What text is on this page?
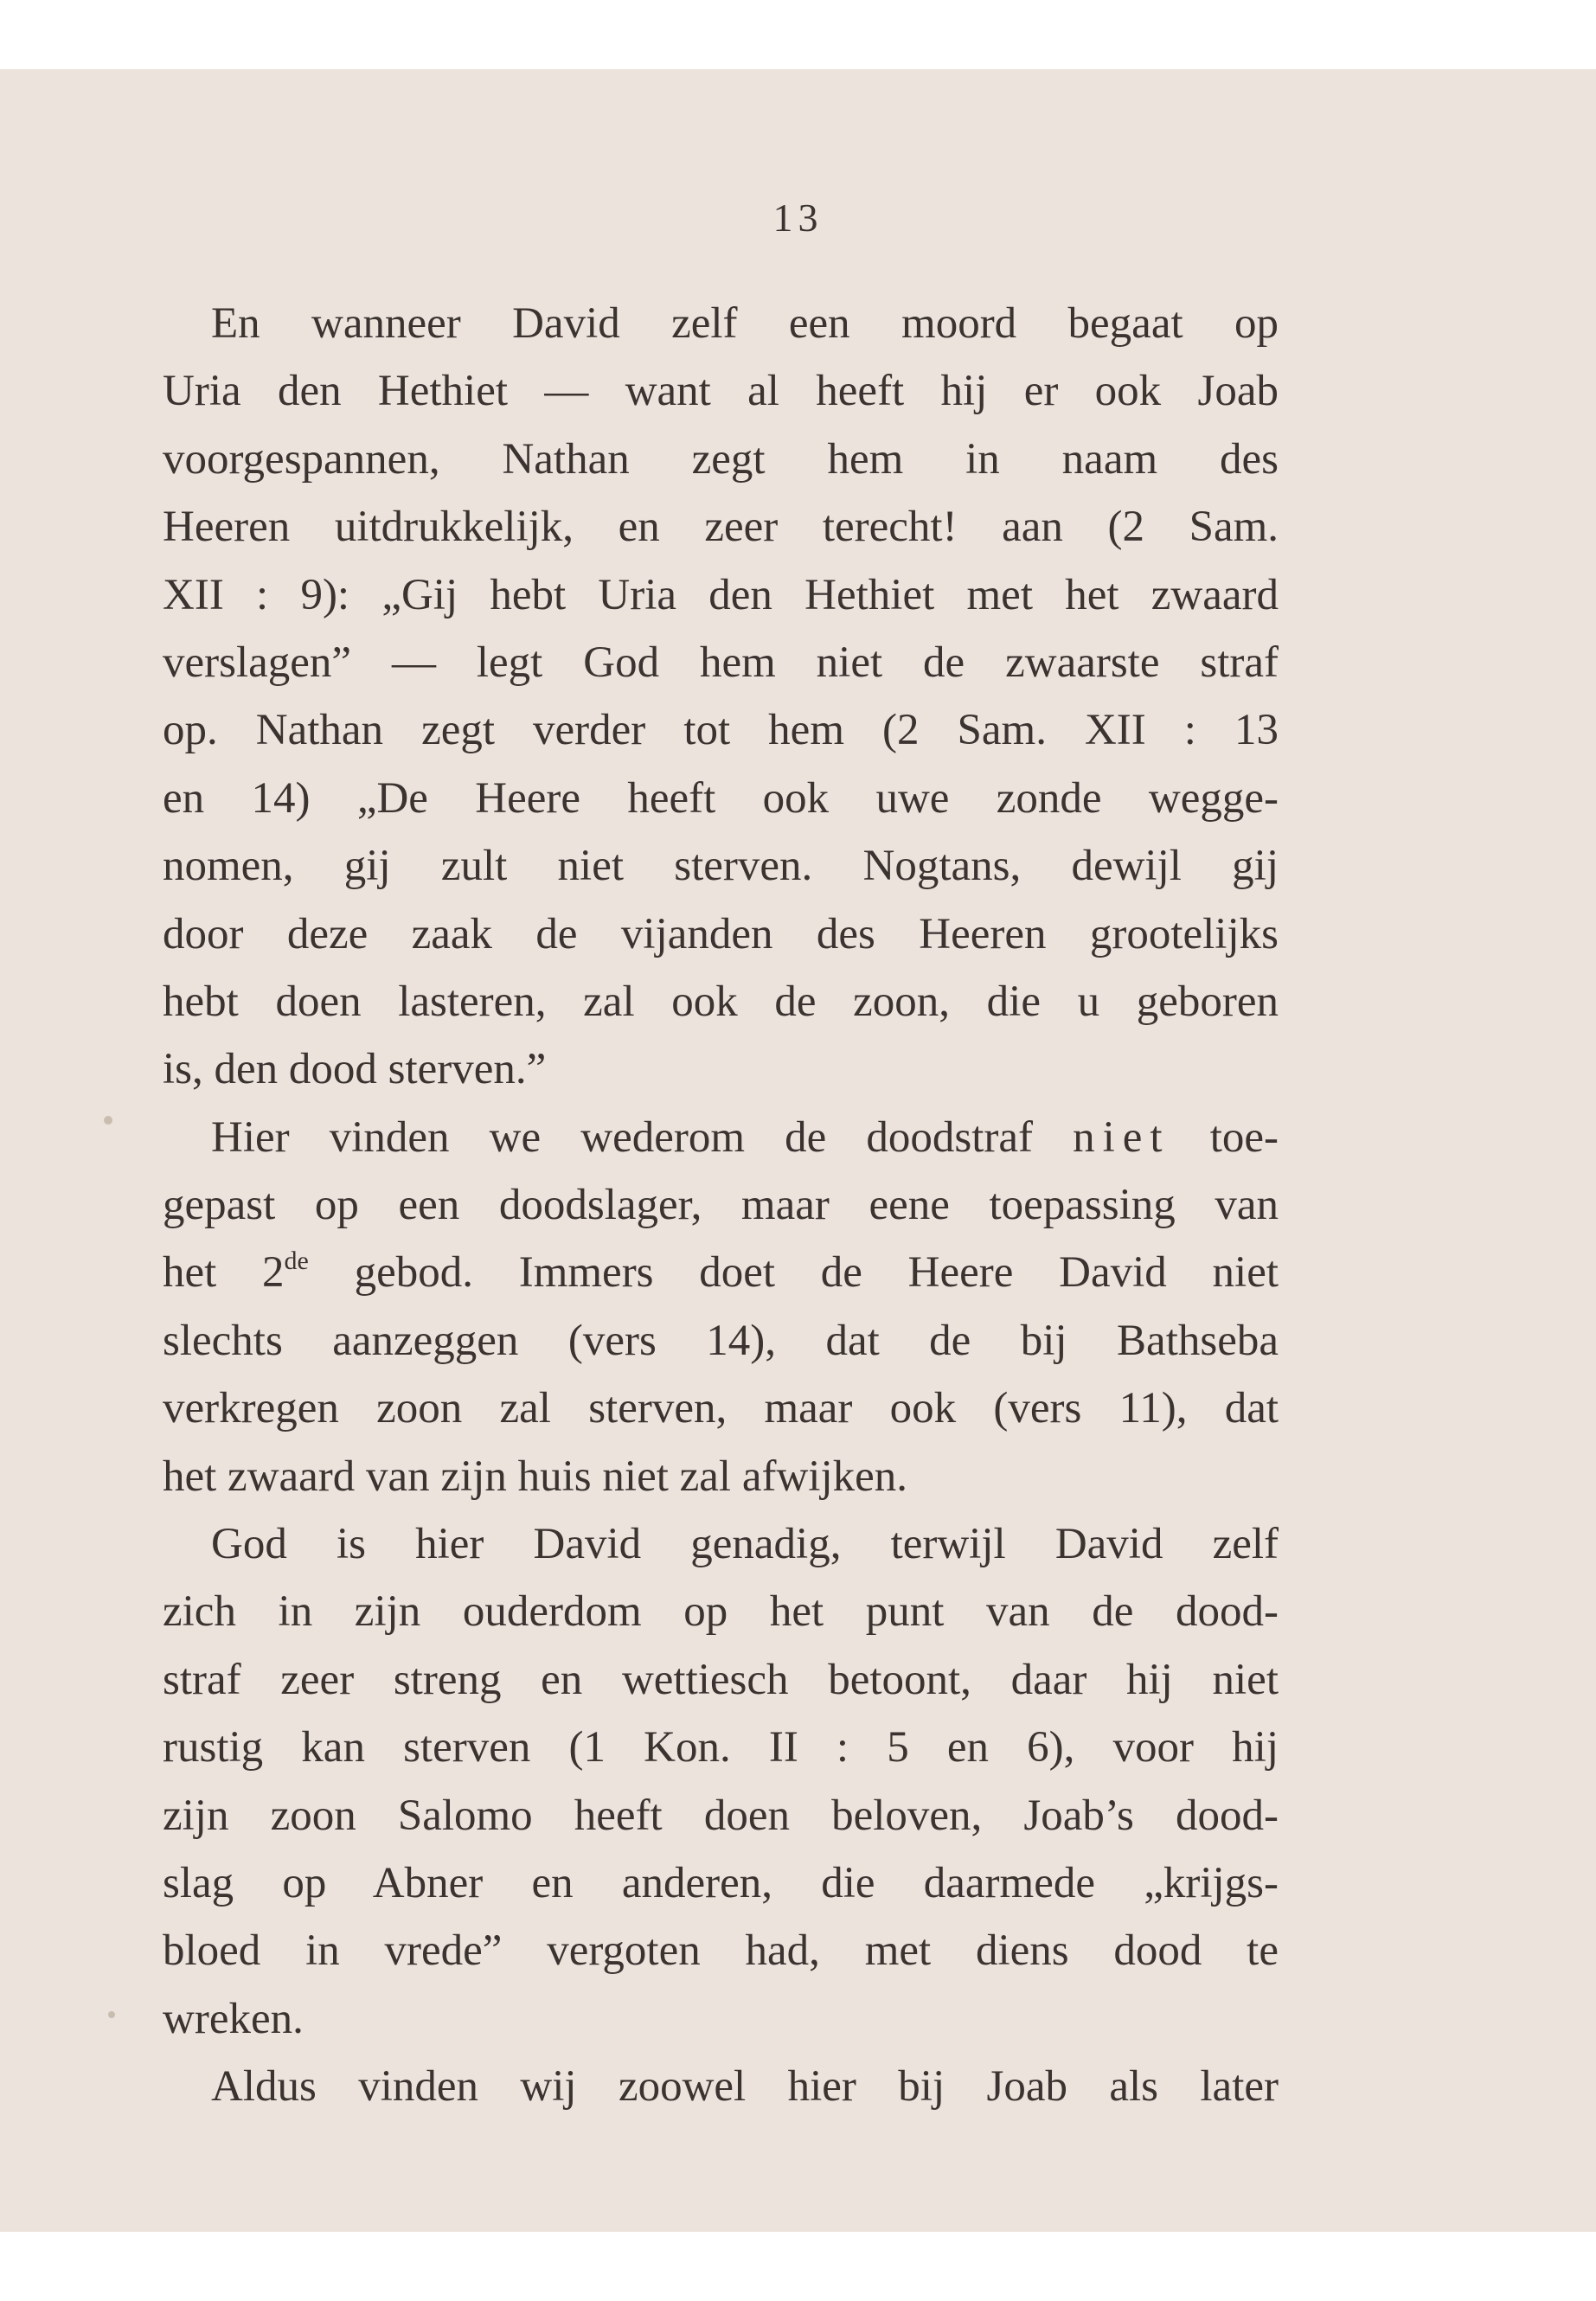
13
En wanneer David zelf een moord begaat op
Uria den Hethiet — want al heeft hij er ook Joab
voorgespannen, Nathan zegt hem in naam des
Heeren uitdrukkelijk, en zeer terecht! aan (2 Sam.
XII : 9): „Gij hebt Uria den Hethiet met het zwaard
verslagen” — legt God hem niet de zwaarste straf
op. Nathan zegt verder tot hem (2 Sam. XII : 13
en 14) „De Heere heeft ook uwe zonde wegge-
nomen, gij zult niet sterven. Nogtans, dewijl gij
door deze zaak de vijanden des Heeren grootelijks
hebt doen lasteren, zal ook de zoon, die u geboren
is, den dood sterven.”
Hier vinden we wederom de doodstraf niet toe-
gepast op een doodslager, maar eene toepassing van
het 2de gebod. Immers doet de Heere David niet
slechts aanzeggen (vers 14), dat de bij Bathseba
verkregen zoon zal sterven, maar ook (vers 11), dat
het zwaard van zijn huis niet zal afwijken.
God is hier David genadig, terwijl David zelf
zich in zijn ouderdom op het punt van de dood-
straf zeer streng en wettiesch betoont, daar hij niet
rustig kan sterven (1 Kon. II : 5 en 6), voor hij
zijn zoon Salomo heeft doen beloven, Joab’s dood-
slag op Abner en anderen, die daarmede „krijgs-
bloed in vrede” vergoten had, met diens dood te
wreken.
Aldus vinden wij zoowel hier bij Joab als later
